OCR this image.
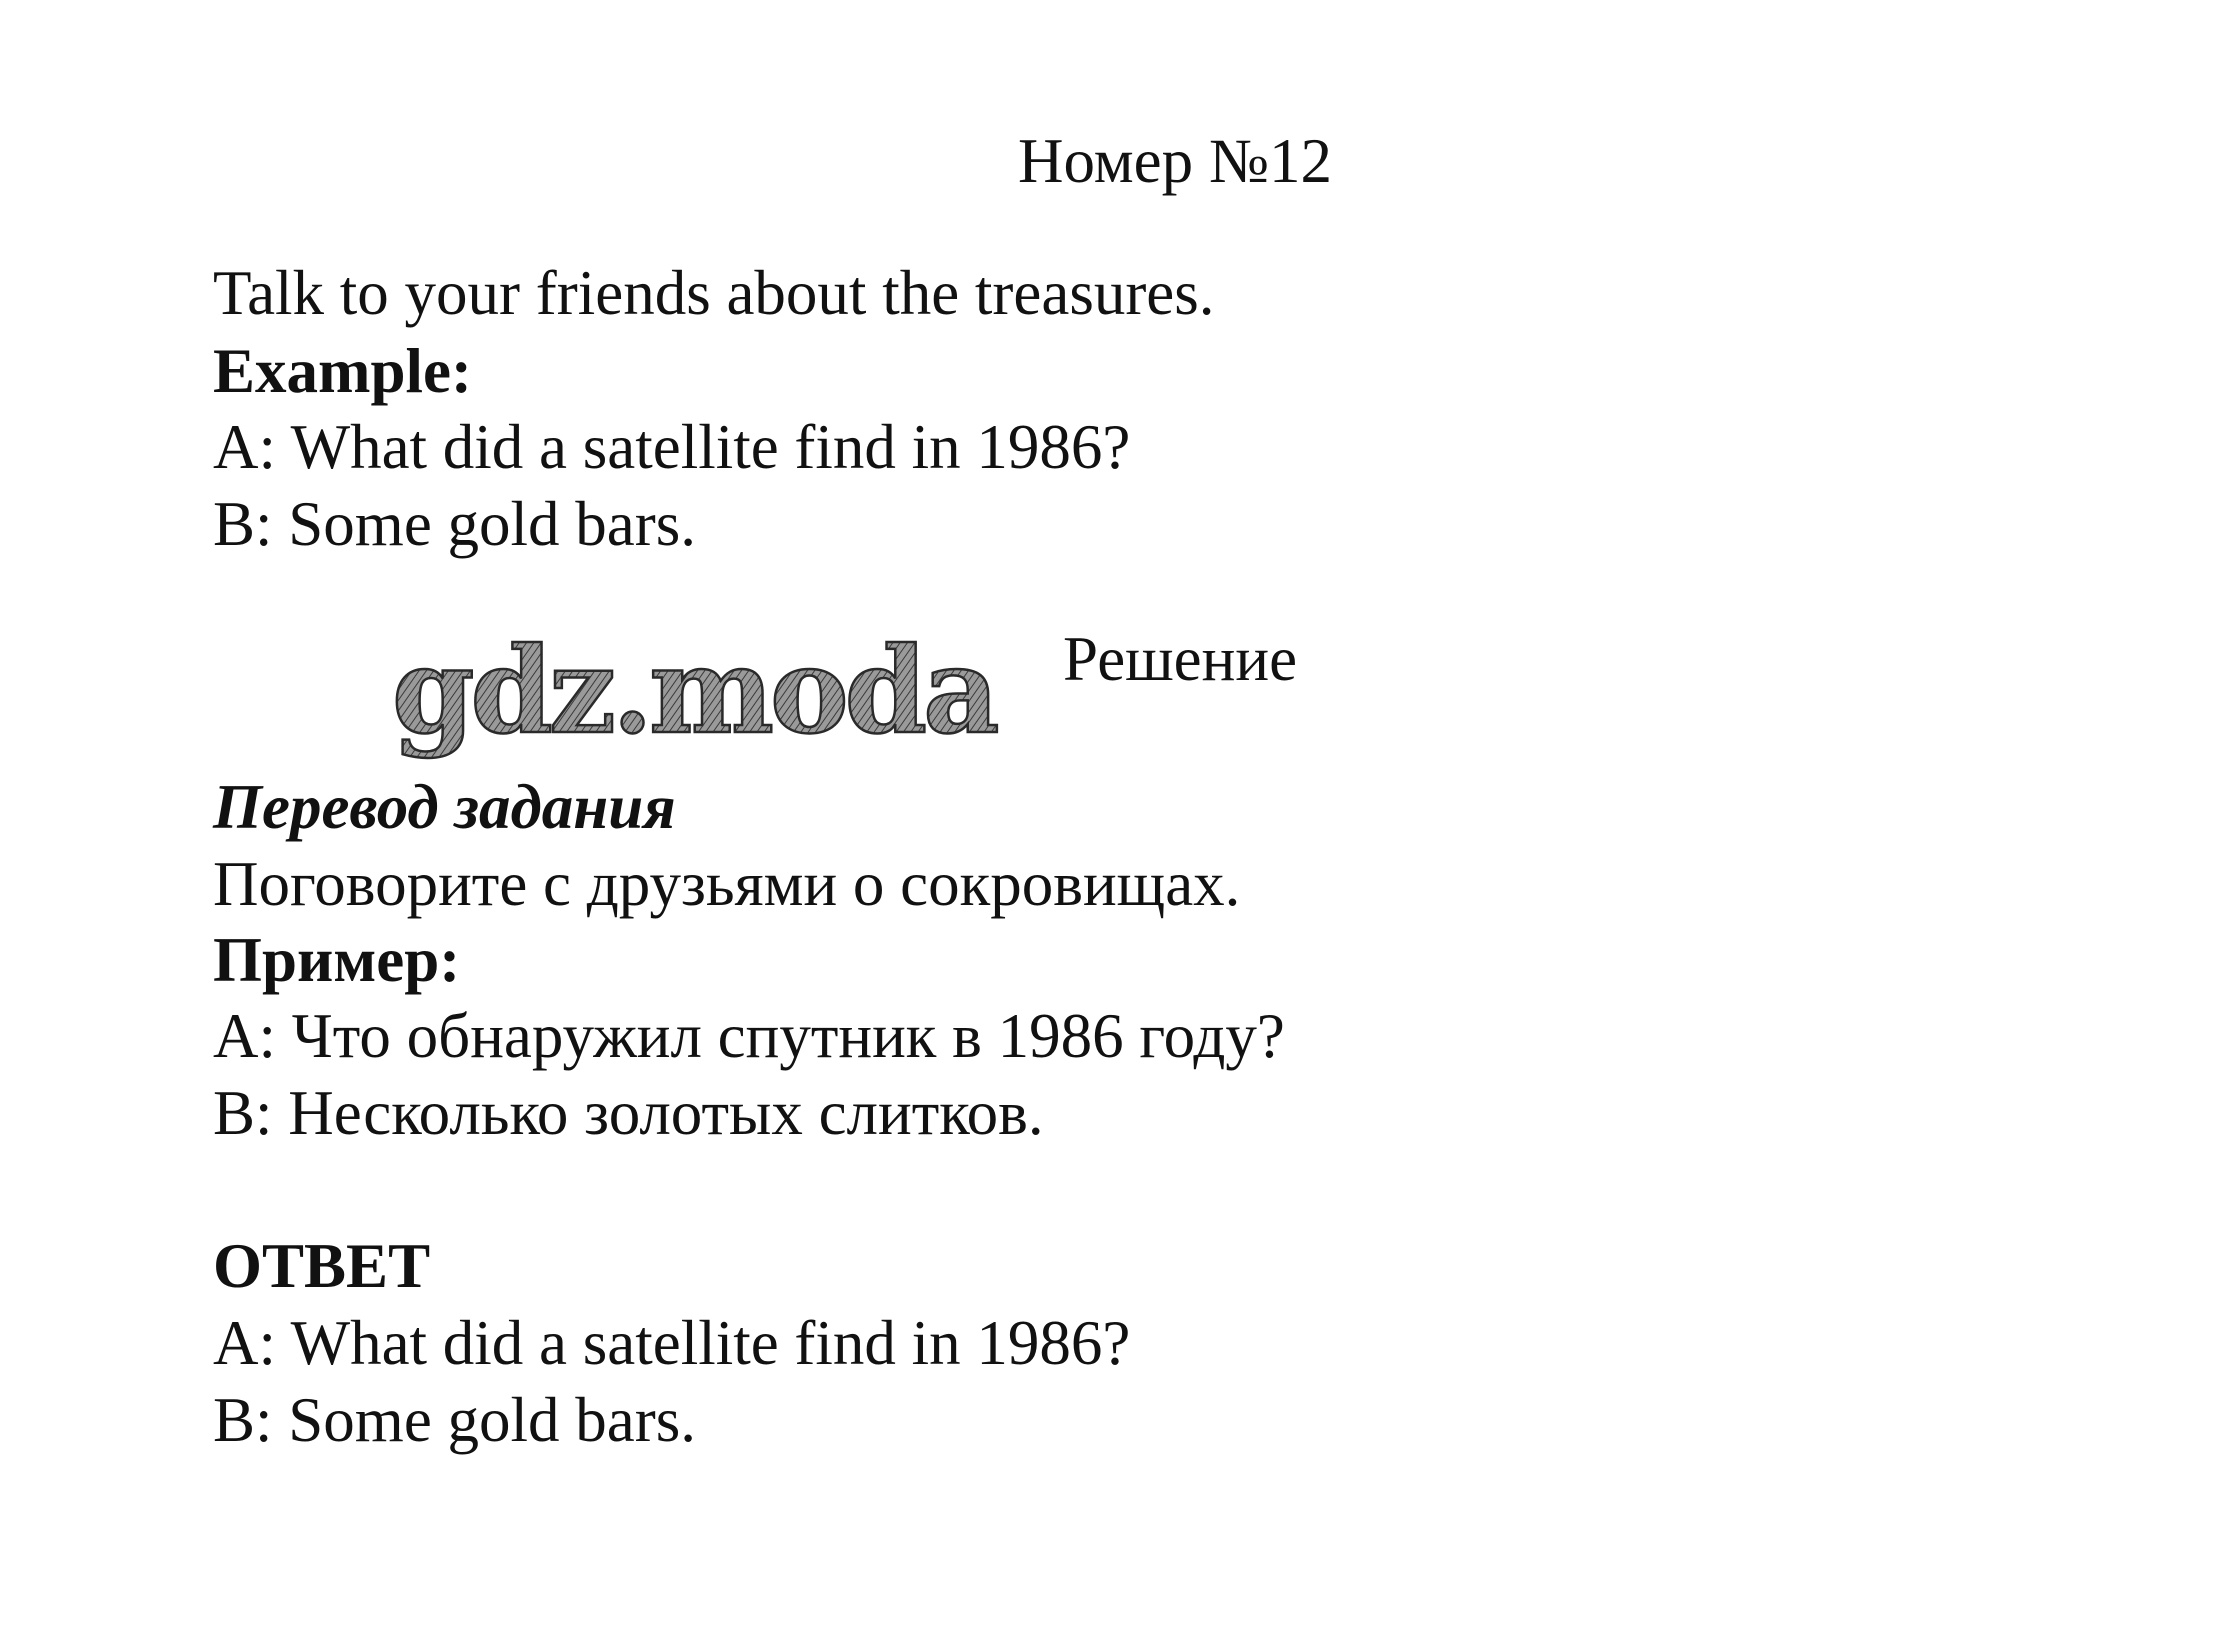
Номер №12
Talk to your friends about the treasures.
Example:
A: What did a satellite find in 1986?
B: Some gold bars.
gdz.moda Решение
Перевод задания
Поговорите с друзьями о сокровищах.
Пример:
А: Что обнаружил спутник в 1986 году?
В: Несколько золотых слитков.
ОТВЕТ
A: What did a satellite find in 1986?
B: Some gold bars.
